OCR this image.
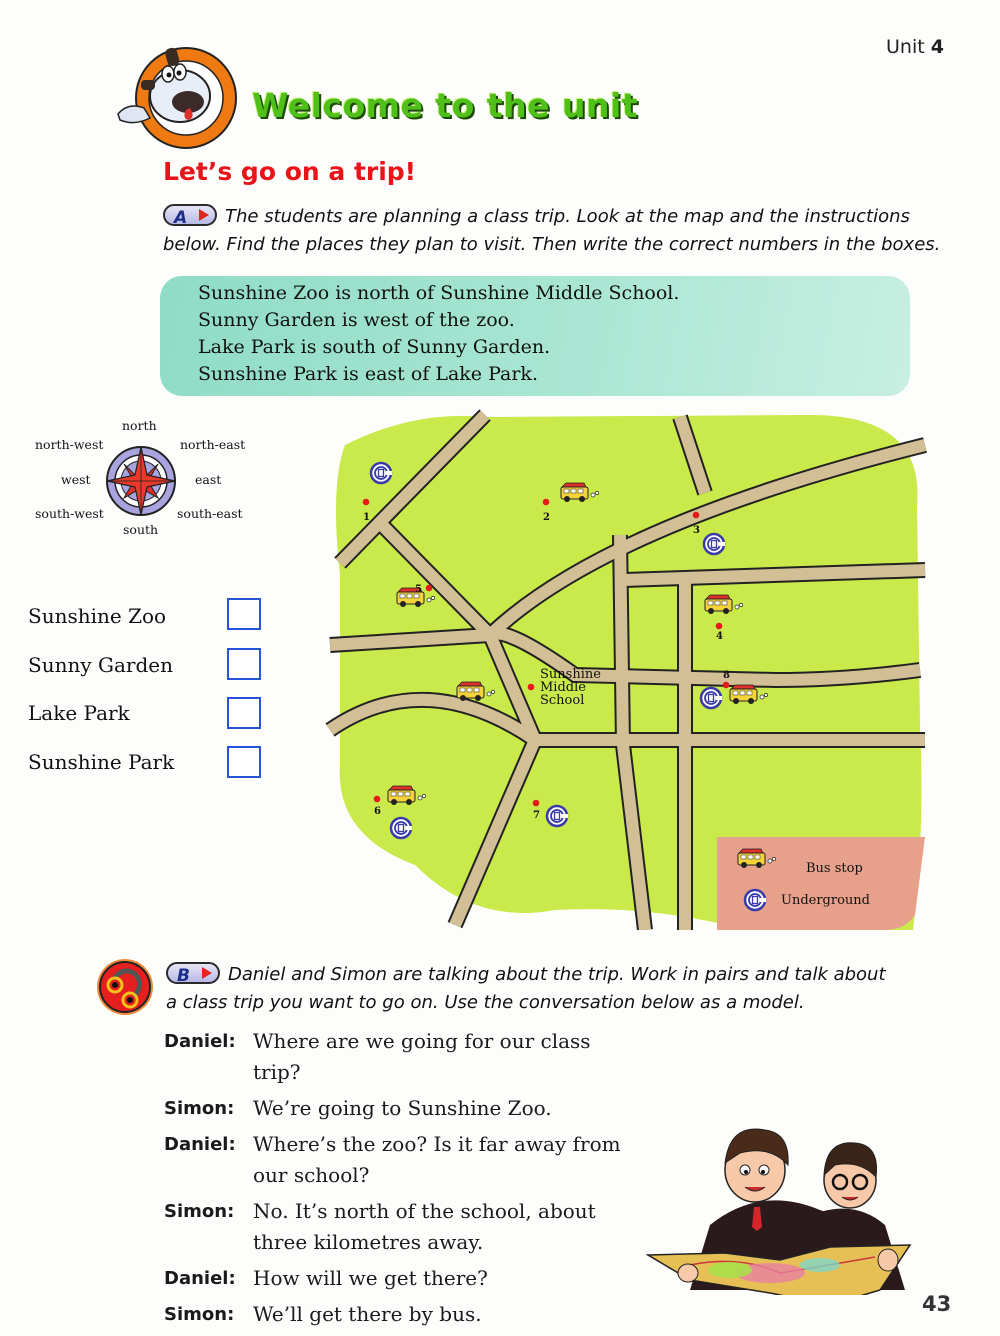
Unit 4
Welcome to the unit
Let’s go on a trip!
A The students are planning a class trip. Look at the map and the instructions below. Find the places they plan to visit. Then write the correct numbers in the boxes.
Sunshine Zoo is north of Sunshine Middle School.
Sunny Garden is west of the zoo.
Lake Park is south of Sunny Garden.
Sunshine Park is east of Lake Park.
north
north-west	north-east
west	east
south-west	south-east
south
Sunshine Zoo
Sunny Garden
Lake Park
Sunshine Park
1	2
3
4
5
6	7
8
Sunshine
Middle
School
Bus stop
Underground
B Daniel and Simon are talking about the trip. Work in pairs and talk about a class trip you want to go on. Use the conversation below as a model.
Daniel: Where are we going for our class trip?
Simon: We’re going to Sunshine Zoo.
Daniel: Where’s the zoo? Is it far away from our school?
Simon: No. It’s north of the school, about three kilometres away.
Daniel: How will we get there?
Simon: We’ll get there by bus.	43
